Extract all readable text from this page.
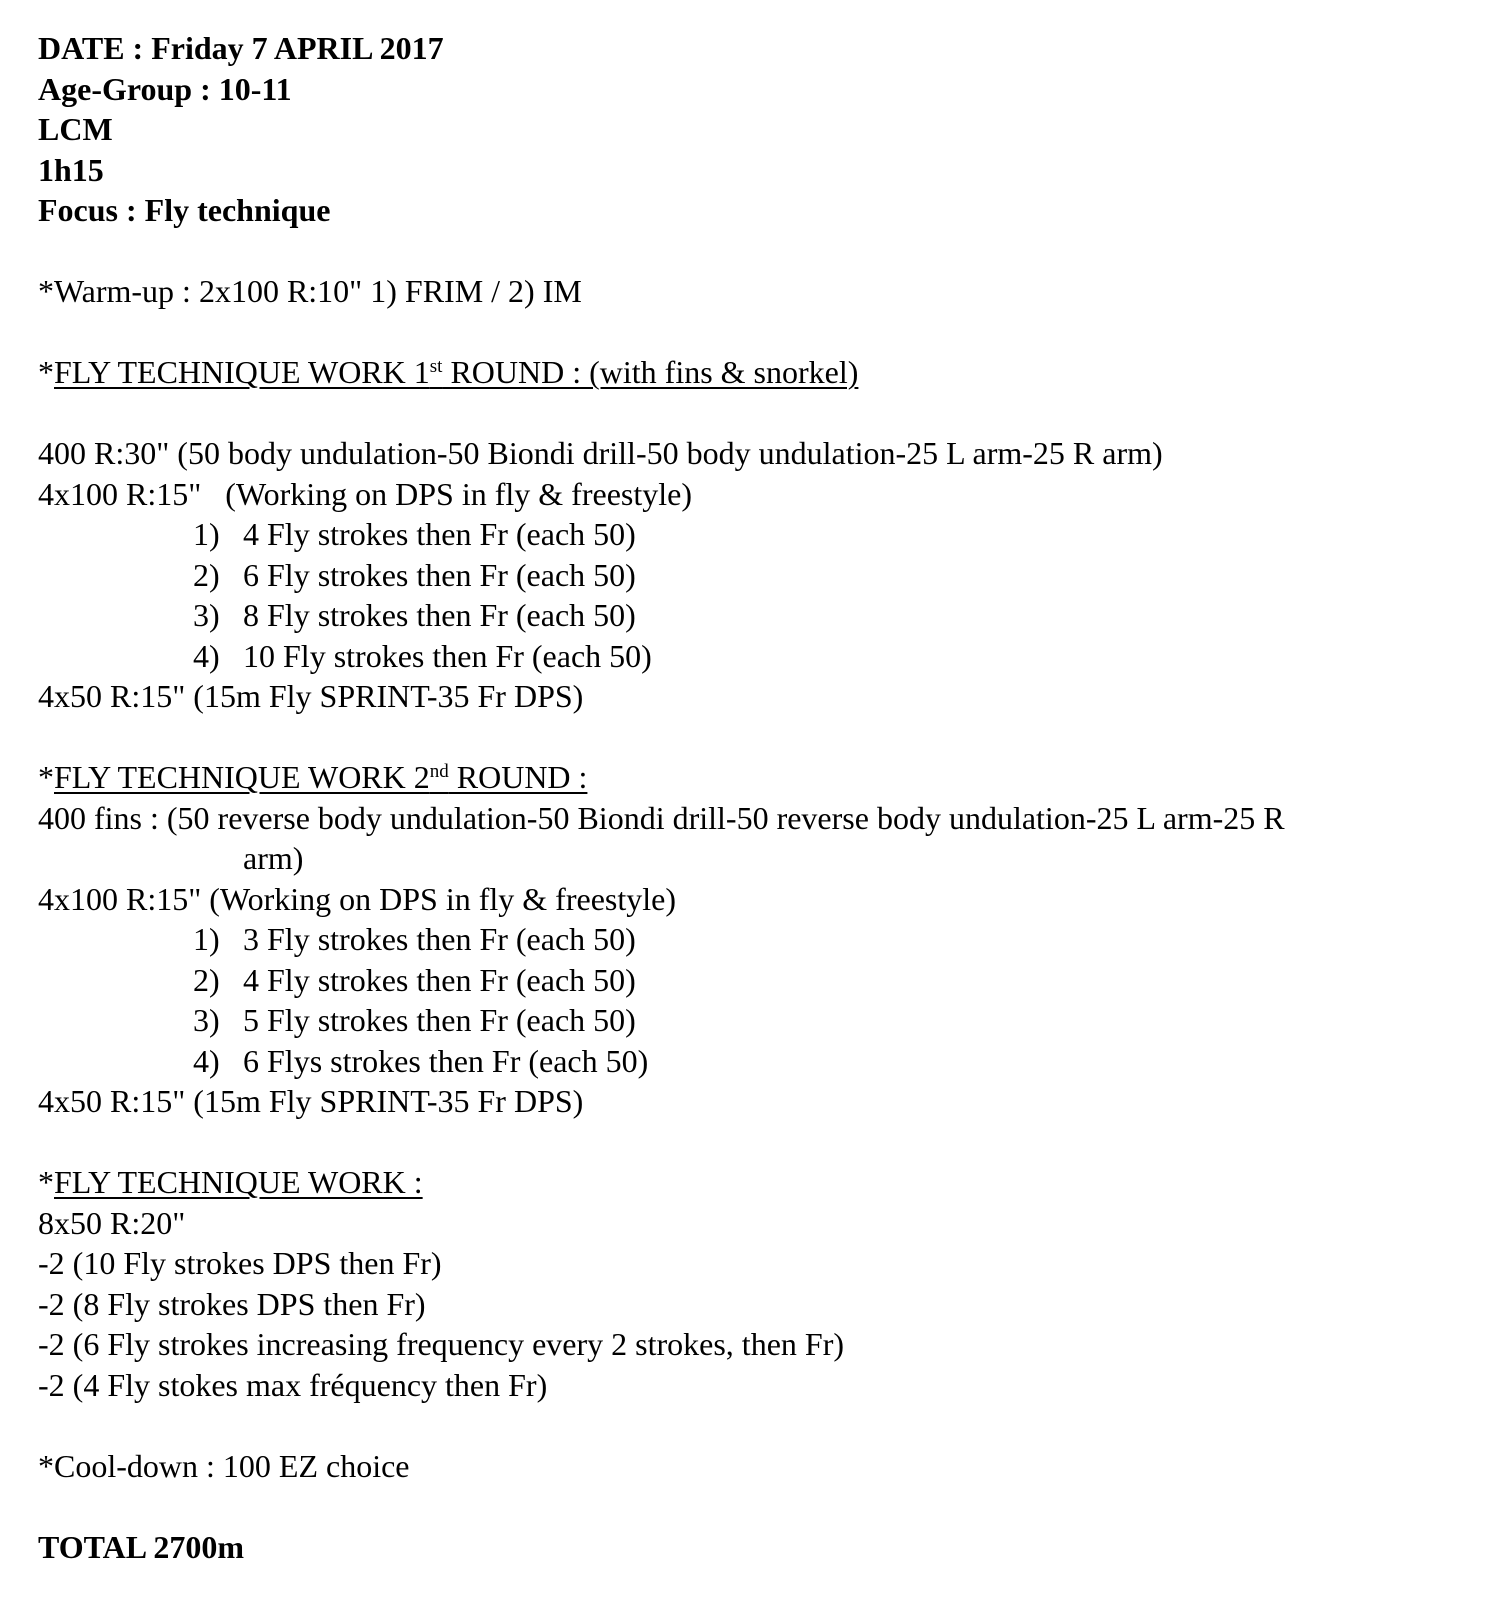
DATE : Friday 7 APRIL 2017
Age-Group : 10-11
LCM
1h15
Focus : Fly technique
*Warm-up : 2x100 R:10" 1) FRIM / 2) IM
*FLY TECHNIQUE WORK 1st ROUND : (with fins & snorkel)
400 R:30" (50 body undulation-50 Biondi drill-50 body undulation-25 L arm-25 R arm)
4x100 R:15"   (Working on DPS in fly & freestyle)
1) 4 Fly strokes then Fr (each 50)
2) 6 Fly strokes then Fr (each 50)
3) 8 Fly strokes then Fr (each 50)
4) 10 Fly strokes then Fr (each 50)
4x50 R:15" (15m Fly SPRINT-35 Fr DPS)
*FLY TECHNIQUE WORK 2nd ROUND :
400 fins : (50 reverse body undulation-50 Biondi drill-50 reverse body undulation-25 L arm-25 R
arm)
4x100 R:15" (Working on DPS in fly & freestyle)
1) 3 Fly strokes then Fr (each 50)
2) 4 Fly strokes then Fr (each 50)
3) 5 Fly strokes then Fr (each 50)
4) 6 Flys strokes then Fr (each 50)
4x50 R:15" (15m Fly SPRINT-35 Fr DPS)
*FLY TECHNIQUE WORK :
8x50 R:20"
-2 (10 Fly strokes DPS then Fr)
-2 (8 Fly strokes DPS then Fr)
-2 (6 Fly strokes increasing frequency every 2 strokes, then Fr)
-2 (4 Fly stokes max fréquency then Fr)
*Cool-down : 100 EZ choice
TOTAL 2700m
